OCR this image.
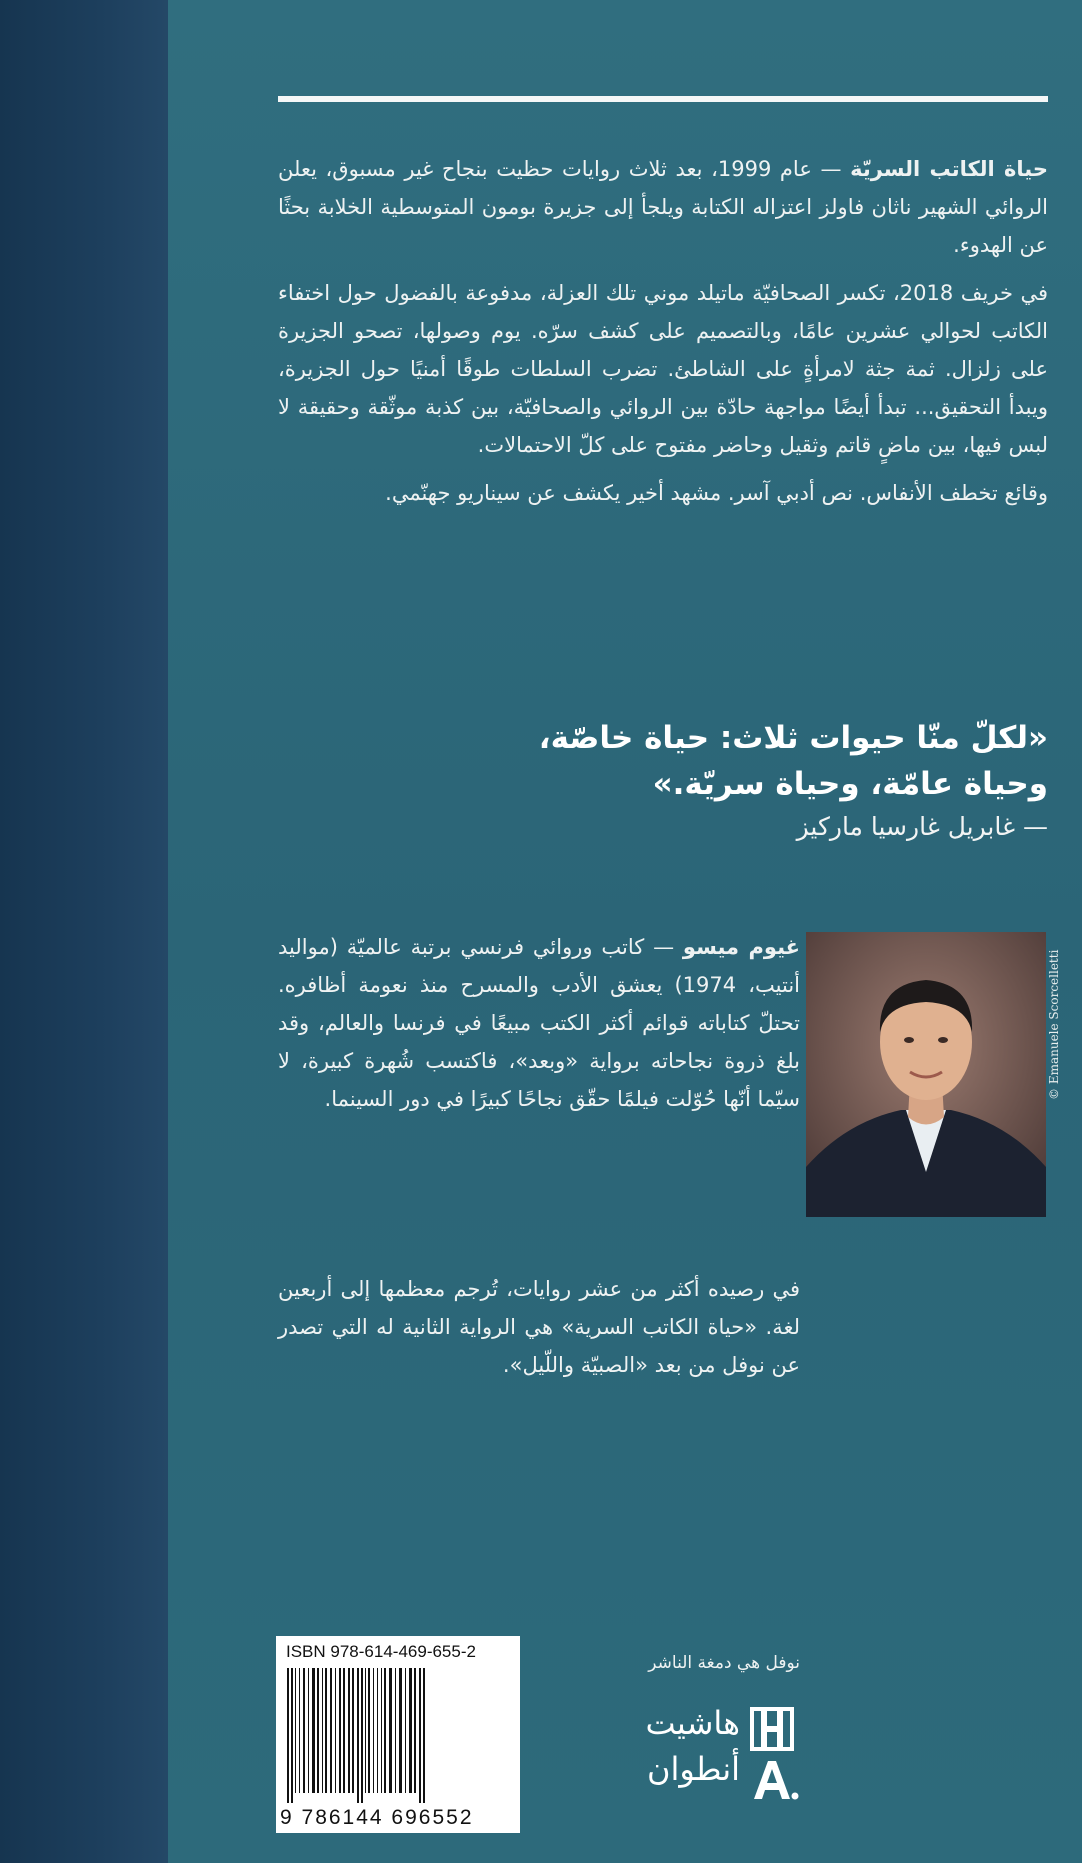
حياة الكاتب السريّة — عام 1999، بعد ثلاث روايات حظيت بنجاح غير مسبوق، يعلن الروائي الشهير ناثان فاولز اعتزاله الكتابة ويلجأ إلى جزيرة بومون المتوسطية الخلابة بحثًا عن الهدوء.

في خريف 2018، تكسر الصحافيّة ماتيلد موني تلك العزلة، مدفوعة بالفضول حول اختفاء الكاتب لحوالي عشرين عامًا، وبالتصميم على كشف سرّه. يوم وصولها، تصحو الجزيرة على زلزال. ثمة جثة لامرأةٍ على الشاطئ. تضرب السلطات طوقًا أمنيًا حول الجزيرة، ويبدأ التحقيق... تبدأ أيضًا مواجهة حادّة بين الروائي والصحافيّة، بين كذبة موثّقة وحقيقة لا لبس فيها، بين ماضٍ قاتم وثقيل وحاضر مفتوح على كلّ الاحتمالات.

وقائع تخطف الأنفاس. نص أدبي آسر. مشهد أخير يكشف عن سيناريو جهنّمي.

«لكلّ منّا حيوات ثلاث: حياة خاصّة،
وحياة عامّة، وحياة سريّة.»
— غابريل غارسيا ماركيز
© Emanuele Scorcelletti

غيوم ميسو — كاتب وروائي فرنسي برتبة عالميّة (مواليد أنتيب، 1974) يعشق الأدب والمسرح منذ نعومة أظافره. تحتلّ كتاباته قوائم أكثر الكتب مبيعًا في فرنسا والعالم، وقد بلغ ذروة نجاحاته برواية «وبعد»، فاكتسب شُهرة كبيرة، لا سيّما أنّها حُوّلت فيلمًا حقّق نجاحًا كبيرًا في دور السينما.

في رصيده أكثر من عشر روايات، تُرجم معظمها إلى أربعين لغة. «حياة الكاتب السرية» هي الرواية الثانية له التي تصدر عن نوفل من بعد «الصبيّة واللّيل».

ISBN 978-614-469-655-2
9 786144 696552
نوفل هي دمغة الناشر
هاشيت
أنطوان
